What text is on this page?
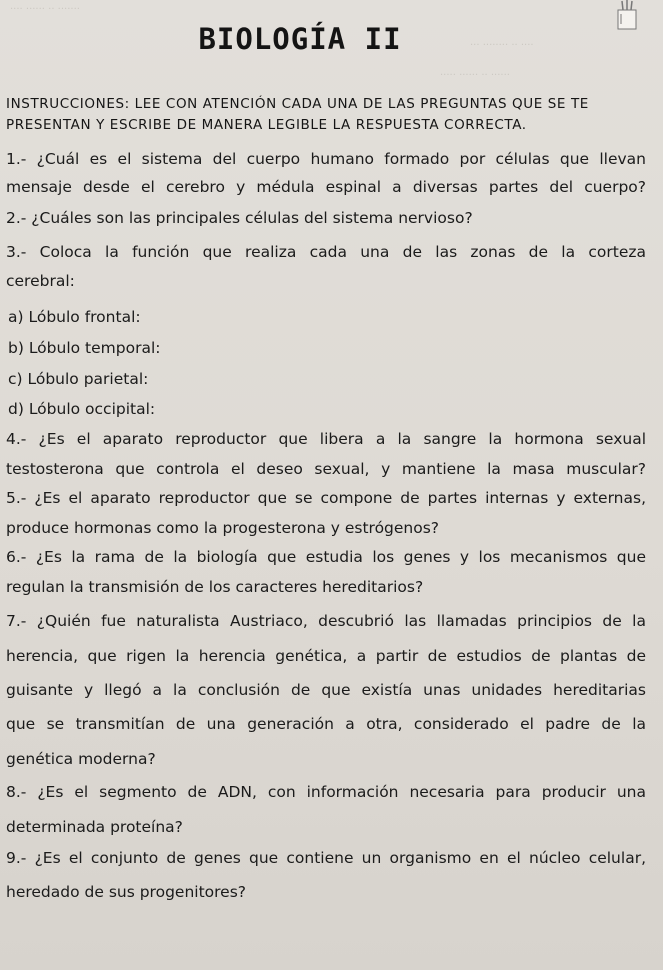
···· ······ ·· ·······
··· ········ ·· ····
····· ······ ·· ······
BIOLOGÍA II
INSTRUCCIONES: LEE CON ATENCIÓN CADA UNA DE LAS PREGUNTAS QUE SE TE PRESENTAN Y ESCRIBE DE MANERA LEGIBLE LA RESPUESTA CORRECTA.
1.- ¿Cuál es el sistema del cuerpo humano formado por células que llevan
mensaje desde el cerebro y médula espinal a diversas partes del cuerpo?
2.- ¿Cuáles son las principales células del sistema nervioso?
3.- Coloca la función que realiza cada una de las zonas de la corteza
cerebral:
a) Lóbulo frontal:
b) Lóbulo temporal:
c) Lóbulo parietal:
d) Lóbulo occipital:
4.- ¿Es el aparato reproductor que libera a la sangre la hormona sexual
testosterona que controla el deseo sexual, y mantiene la masa muscular?
5.- ¿Es el aparato reproductor que se compone de partes internas y externas,
produce hormonas como la progesterona y estrógenos?
6.- ¿Es la rama de la biología que estudia los genes y los mecanismos que
regulan la transmisión de los caracteres hereditarios?
7.- ¿Quién fue naturalista Austriaco, descubrió las llamadas principios de la
herencia, que rigen la herencia genética, a partir de estudios de plantas de
guisante y llegó a la conclusión de que existía unas unidades hereditarias
que se transmitían de una generación a otra, considerado el padre de la
genética moderna?
8.- ¿Es el segmento de ADN, con información necesaria para producir una
determinada proteína?
9.- ¿Es el conjunto de genes que contiene un organismo en el núcleo celular,
heredado de sus progenitores?
